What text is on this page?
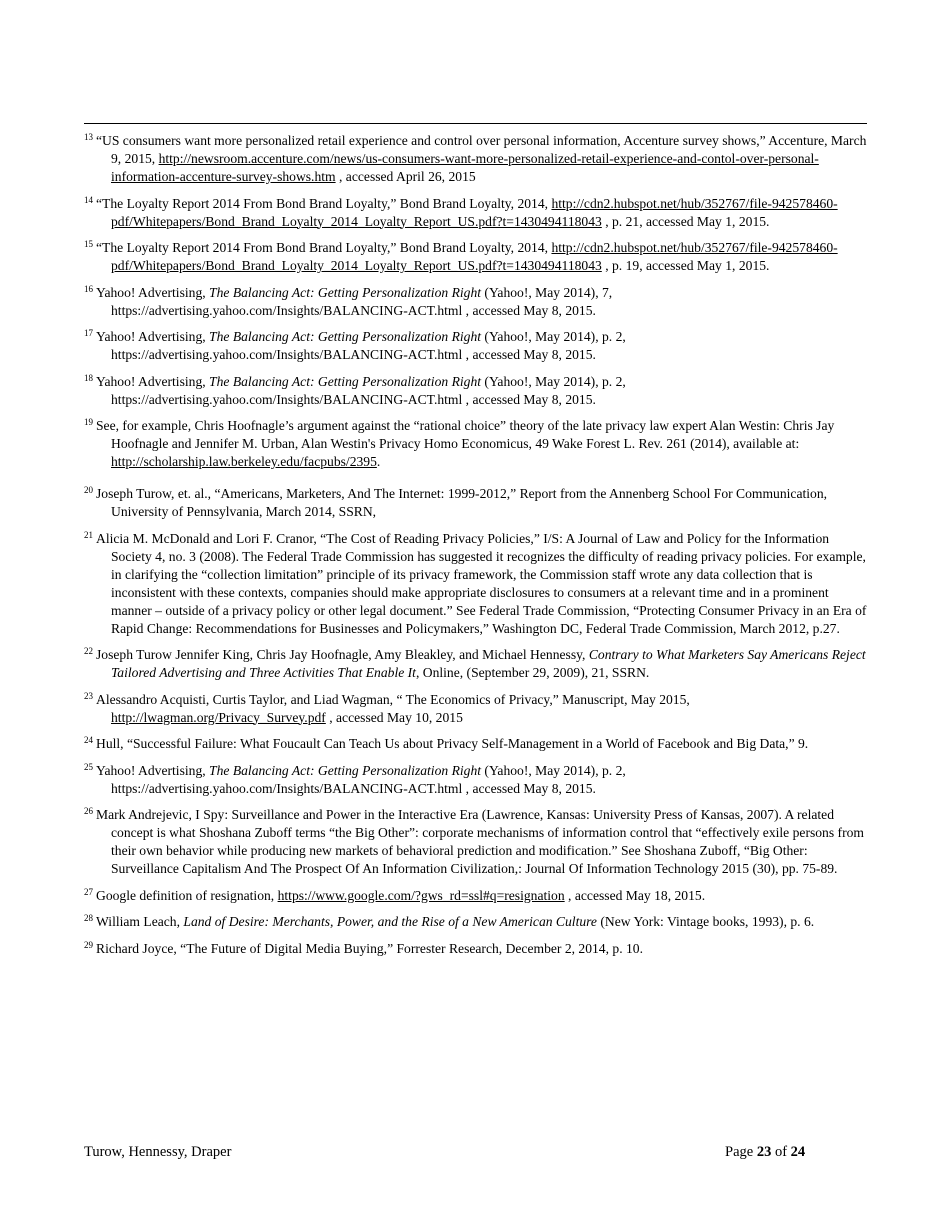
$^{13}$ “US consumers want more personalized retail experience and control over personal information, Accenture survey shows,” Accenture, March 9, 2015, http://newsroom.accenture.com/news/us-consumers-want-more-personalized-retail-experience-and-contol-over-personal-information-accenture-survey-shows.htm , accessed April 26, 2015

$^{14}$ “The Loyalty Report 2014 From Bond Brand Loyalty,” Bond Brand Loyalty, 2014, http://cdn2.hubspot.net/hub/352767/file-942578460-pdf/Whitepapers/Bond_Brand_Loyalty_2014_Loyalty_Report_US.pdf?t=1430494118043 , p. 21, accessed May 1, 2015.

$^{15}$ “The Loyalty Report 2014 From Bond Brand Loyalty,” Bond Brand Loyalty, 2014, http://cdn2.hubspot.net/hub/352767/file-942578460-pdf/Whitepapers/Bond_Brand_Loyalty_2014_Loyalty_Report_US.pdf?t=1430494118043 , p. 19, accessed May 1, 2015.

$^{16}$ Yahoo! Advertising, The Balancing Act: Getting Personalization Right (Yahoo!, May 2014), 7, https://advertising.yahoo.com/Insights/BALANCING-ACT.html , accessed May 8, 2015.

$^{17}$ Yahoo! Advertising, The Balancing Act: Getting Personalization Right (Yahoo!, May 2014), p. 2, https://advertising.yahoo.com/Insights/BALANCING-ACT.html , accessed May 8, 2015.

$^{18}$ Yahoo! Advertising, The Balancing Act: Getting Personalization Right (Yahoo!, May 2014), p. 2, https://advertising.yahoo.com/Insights/BALANCING-ACT.html , accessed May 8, 2015.

$^{19}$ See, for example, Chris Hoofnagle’s argument against the “rational choice” theory of the late privacy law expert Alan Westin: Chris Jay Hoofnagle and Jennifer M. Urban, Alan Westin's Privacy Homo Economicus, 49 Wake Forest L. Rev. 261 (2014), available at: http://scholarship.law.berkeley.edu/facpubs/2395.

$^{20}$ Joseph Turow, et. al., “Americans, Marketers, And The Internet: 1999-2012,” Report from the Annenberg School For Communication, University of Pennsylvania, March 2014, SSRN,

$^{21}$ Alicia M. McDonald and Lori F. Cranor, “The Cost of Reading Privacy Policies,” I/S: A Journal of Law and Policy for the Information Society 4, no. 3 (2008). The Federal Trade Commission has suggested it recognizes the difficulty of reading privacy policies. For example, in clarifying the “collection limitation” principle of its privacy framework, the Commission staff wrote any data collection that is inconsistent with these contexts, companies should make appropriate disclosures to consumers at a relevant time and in a prominent manner – outside of a privacy policy or other legal document.” See Federal Trade Commission, “Protecting Consumer Privacy in an Era of Rapid Change: Recommendations for Businesses and Policymakers,” Washington DC, Federal Trade Commission, March 2012, p.27.

$^{22}$ Joseph Turow Jennifer King, Chris Jay Hoofnagle, Amy Bleakley, and Michael Hennessy, Contrary to What Marketers Say Americans Reject Tailored Advertising and Three Activities That Enable It, Online, (September 29, 2009), 21, SSRN.

$^{23}$ Alessandro Acquisti, Curtis Taylor, and Liad Wagman, “ The Economics of Privacy,” Manuscript, May 2015, http://lwagman.org/Privacy_Survey.pdf , accessed May 10, 2015

$^{24}$ Hull, “Successful Failure: What Foucault Can Teach Us about Privacy Self-Management in a World of Facebook and Big Data,” 9.

$^{25}$ Yahoo! Advertising, The Balancing Act: Getting Personalization Right (Yahoo!, May 2014), p. 2, https://advertising.yahoo.com/Insights/BALANCING-ACT.html , accessed May 8, 2015.

$^{26}$ Mark Andrejevic, I Spy: Surveillance and Power in the Interactive Era (Lawrence, Kansas: University Press of Kansas, 2007). A related concept is what Shoshana Zuboff terms “the Big Other”: corporate mechanisms of information control that “effectively exile persons from their own behavior while producing new markets of behavioral prediction and modification.” See Shoshana Zuboff, “Big Other: Surveillance Capitalism And The Prospect Of An Information Civilization,: Journal Of Information Technology 2015 (30), pp. 75-89.

$^{27}$ Google definition of resignation, https://www.google.com/?gws_rd=ssl#q=resignation , accessed May 18, 2015.

$^{28}$ William Leach, Land of Desire: Merchants, Power, and the Rise of a New American Culture (New York: Vintage books, 1993), p. 6.

$^{29}$ Richard Joyce, “The Future of Digital Media Buying,” Forrester Research, December 2, 2014, p. 10.

Turow, Hennessy, Draper	Page 23 of 24
